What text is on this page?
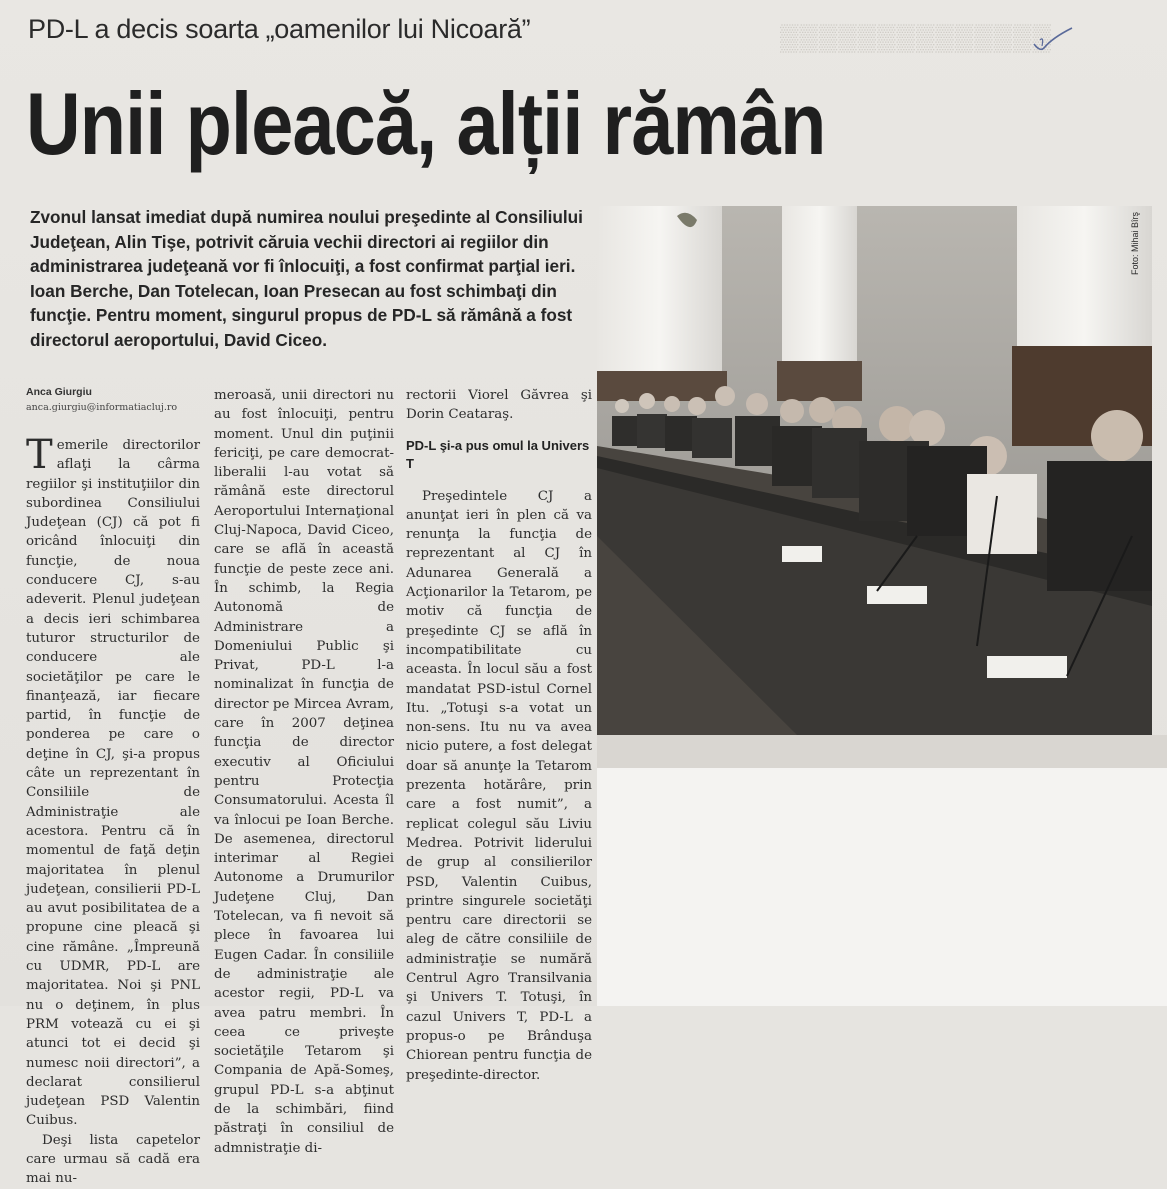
▒▒▒▒▒▒▒▒▒▒▒▒▒▒
PD-L a decis soarta „oamenilor lui Nicoară”
Unii pleacă, alții rămân
Zvonul lansat imediat după numirea noului preşedinte al Consiliului Judeţean, Alin Tişe, potrivit căruia vechii directori ai regiilor din administrarea judeţeană vor fi înlocuiţi, a fost confirmat parţial ieri. Ioan Berche, Dan Totelecan, Ioan Presecan au fost schimbaţi din funcţie. Pentru moment, singurul propus de PD-L să rămână a fost directorul aeroportului, David Ciceo.
Foto: Mihai Bîrş
Anca Giurgiu
anca.giurgiu@informatiacluj.ro

Temerile directorilor aflaţi la cârma regiilor şi instituţiilor din subordinea Consiliului Judeţean (CJ) că pot fi oricând înlocuiţi din funcţie, de noua conducere CJ, s-au adeverit. Plenul judeţean a decis ieri schimbarea tuturor structurilor de conducere ale societăţilor pe care le finanţează, iar fiecare partid, în funcţie de ponderea pe care o deţine în CJ, şi-a propus câte un reprezentant în Consiliile de Administraţie ale acestora. Pentru că în momentul de faţă deţin majoritatea în plenul judeţean, consilierii PD-L au avut posibilitatea de a propune cine pleacă şi cine rămâne. „Împreună cu UDMR, PD-L are majoritatea. Noi şi PNL nu o deţinem, în plus PRM votează cu ei şi atunci tot ei decid şi numesc noii directori”, a declarat consilierul judeţean PSD Valentin Cuibus.

Deşi lista capetelor care urmau să cadă era mai nu-

meroasă, unii directori nu au fost înlocuiţi, pentru moment. Unul din puţinii fericiţi, pe care democrat-liberalii l-au votat să rămână este directorul Aeroportului Internaţional Cluj-Napoca, David Ciceo, care se află în această funcţie de peste zece ani. În schimb, la Regia Autonomă de Administrare a Domeniului Public şi Privat, PD-L l-a nominalizat în funcţia de director pe Mircea Avram, care în 2007 deţinea funcţia de director executiv al Oficiului pentru Protecţia Consumatorului. Acesta îl va înlocui pe Ioan Berche. De asemenea, directorul interimar al Regiei Autonome a Drumurilor Judeţene Cluj, Dan Totelecan, va fi nevoit să plece în favoarea lui Eugen Cadar. În consiliile de administraţie ale acestor regii, PD-L va avea patru membri. În ceea ce priveşte societăţile Tetarom şi Compania de Apă-Someş, grupul PD-L s-a abţinut de la schimbări, fiind păstraţi în consiliul de admnistraţie di-

rectorii Viorel Găvrea şi Dorin Ceataraş.

PD-L şi-a pus omul la Univers T

Preşedintele CJ a anunţat ieri în plen că va renunţa la funcţia de reprezentant al CJ în Adunarea Generală a Acţionarilor la Tetarom, pe motiv că funcţia de preşedinte CJ se află în incompatibilitate cu aceasta. În locul său a fost mandatat PSD-istul Cornel Itu. „Totuşi s-a votat un non-sens. Itu nu va avea nicio putere, a fost delegat doar să anunţe la Tetarom prezenta hotărâre, prin care a fost numit”, a replicat colegul său Liviu Medrea. Potrivit liderului de grup al consilierilor PSD, Valentin Cuibus, printre singurele societăţi pentru care directorii se aleg de către consiliile de administraţie se numără Centrul Agro Transilvania şi Univers T. Totuşi, în cazul Univers T, PD-L a propus-o pe Brânduşa Chiorean pentru funcţia de preşedinte-director.
